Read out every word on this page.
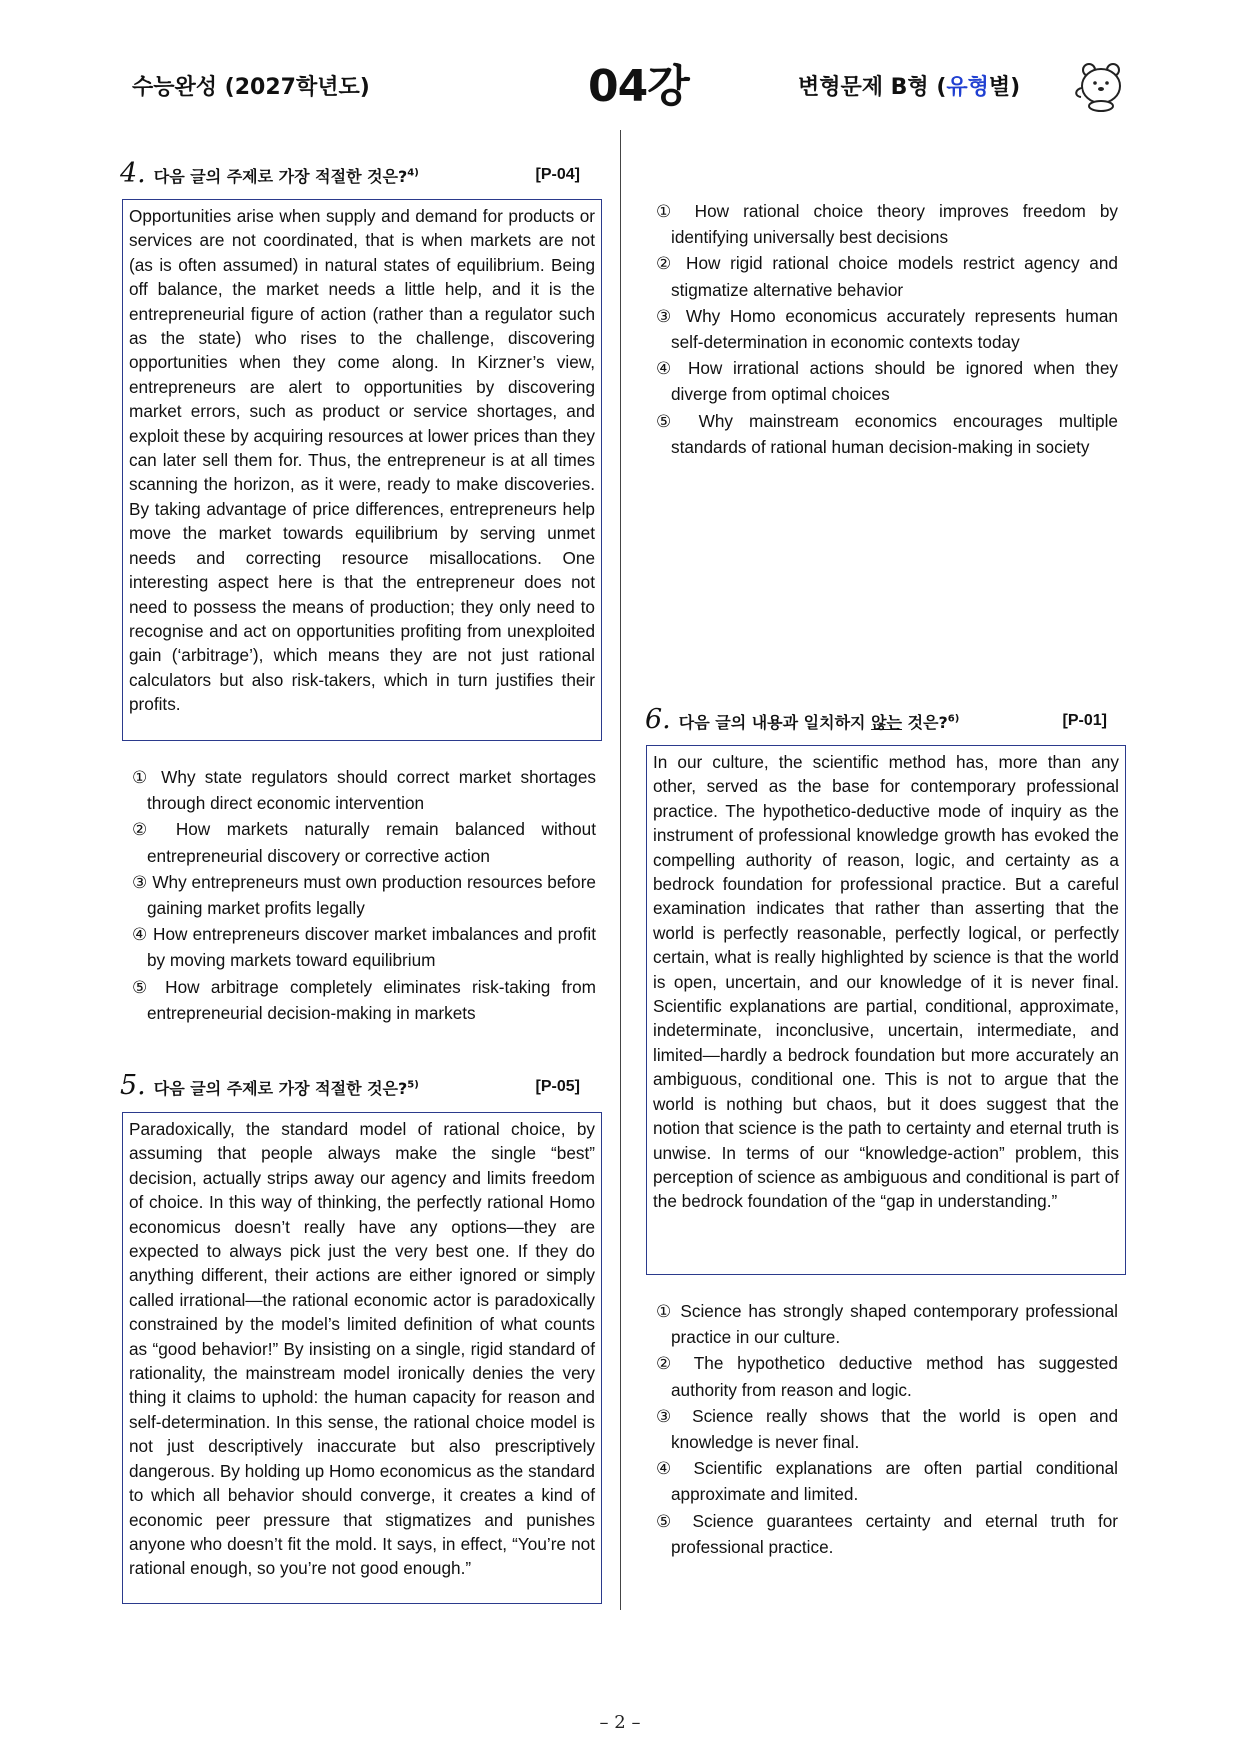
수능완성 (2027학년도)	04강	변형문제 B형 (유형별)
4. 다음 글의 주제로 가장 적절한 것은?$^{4)}$	[P-04]
Opportunities arise when supply and demand for products or services are not coordinated, that is when markets are not (as is often assumed) in natural states of equilibrium. Being off balance, the market needs a little help, and it is the entrepreneurial figure of action (rather than a regulator such as the state) who rises to the challenge, discovering opportunities when they come along. In Kirzner’s view, entrepreneurs are alert to opportunities by discovering market errors, such as product or service shortages, and exploit these by acquiring resources at lower prices than they can later sell them for. Thus, the entrepreneur is at all times scanning the horizon, as it were, ready to make discoveries. By taking advantage of price differences, entrepreneurs help move the market towards equilibrium by serving unmet needs and correcting resource misallocations. One interesting aspect here is that the entrepreneur does not need to possess the means of production; they only need to recognise and act on opportunities profiting from unexploited gain (‘arbitrage’), which means they are not just rational calculators but also risk-takers, which in turn justifies their profits.
① Why state regulators should correct market shortages through direct economic intervention
② How markets naturally remain balanced without entrepreneurial discovery or corrective action
③ Why entrepreneurs must own production resources before gaining market profits legally
④ How entrepreneurs discover market imbalances and profit by moving markets toward equilibrium
⑤ How arbitrage completely eliminates risk-taking from entrepreneurial decision-making in markets
5. 다음 글의 주제로 가장 적절한 것은?$^{5)}$	[P-05]
Paradoxically, the standard model of rational choice, by assuming that people always make the single “best” decision, actually strips away our agency and limits freedom of choice. In this way of thinking, the perfectly rational Homo economicus doesn’t really have any options—they are expected to always pick just the very best one. If they do anything different, their actions are either ignored or simply called irrational—the rational economic actor is paradoxically constrained by the model’s limited definition of what counts as “good behavior!” By insisting on a single, rigid standard of rationality, the mainstream model ironically denies the very thing it claims to uphold: the human capacity for reason and self-determination. In this sense, the rational choice model is not just descriptively inaccurate but also prescriptively dangerous. By holding up Homo economicus as the standard to which all behavior should converge, it creates a kind of economic peer pressure that stigmatizes and punishes anyone who doesn’t fit the mold. It says, in effect, “You’re not rational enough, so you’re not good enough.”
① How rational choice theory improves freedom by identifying universally best decisions
② How rigid rational choice models restrict agency and stigmatize alternative behavior
③ Why Homo economicus accurately represents human self-determination in economic contexts today
④ How irrational actions should be ignored when they diverge from optimal choices
⑤ Why mainstream economics encourages multiple standards of rational human decision-making in society
6. 다음 글의 내용과 일치하지 않는 것은?$^{6)}$	[P-01]
In our culture, the scientific method has, more than any other, served as the base for contemporary professional practice. The hypothetico-deductive mode of inquiry as the instrument of professional knowledge growth has evoked the compelling authority of reason, logic, and certainty as a bedrock foundation for professional practice. But a careful examination indicates that rather than asserting that the world is perfectly reasonable, perfectly logical, or perfectly certain, what is really highlighted by science is that the world is open, uncertain, and our knowledge of it is never final. Scientific explanations are partial, conditional, approximate, indeterminate, inconclusive, uncertain, intermediate, and limited—hardly a bedrock foundation but more accurately an ambiguous, conditional one. This is not to argue that the world is nothing but chaos, but it does suggest that the notion that science is the path to certainty and eternal truth is unwise. In terms of our “knowledge-action” problem, this perception of science as ambiguous and conditional is part of the bedrock foundation of the “gap in understanding.”
① Science has strongly shaped contemporary professional practice in our culture.
② The hypothetico deductive method has suggested authority from reason and logic.
③ Science really shows that the world is open and knowledge is never final.
④ Scientific explanations are often partial conditional approximate and limited.
⑤ Science guarantees certainty and eternal truth for professional practice.
– 2 –
